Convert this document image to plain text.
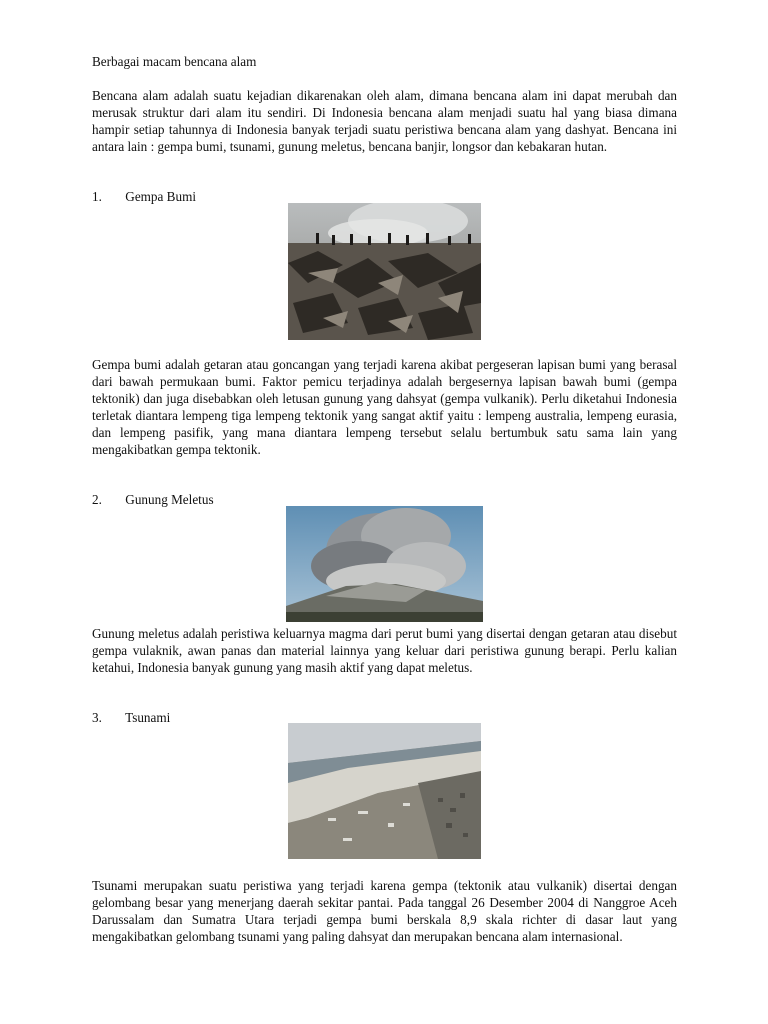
Berbagai macam bencana alam
Bencana alam adalah suatu kejadian dikarenakan oleh alam, dimana bencana alam ini dapat merubah dan merusak struktur dari alam itu sendiri. Di Indonesia bencana alam menjadi suatu hal yang biasa dimana hampir setiap tahunnya di Indonesia banyak terjadi suatu peristiwa bencana alam yang dashyat. Bencana ini antara lain : gempa bumi, tsunami, gunung meletus, bencana banjir, longsor dan kebakaran hutan.
1. Gempa Bumi
Gempa bumi adalah getaran atau goncangan yang terjadi karena akibat pergeseran lapisan bumi yang berasal dari bawah permukaan bumi. Faktor pemicu terjadinya adalah bergesernya lapisan bawah bumi (gempa tektonik) dan juga disebabkan oleh letusan gunung yang dahsyat (gempa vulkanik). Perlu diketahui Indonesia terletak diantara lempeng tiga lempeng tektonik yang sangat aktif yaitu : lempeng australia, lempeng eurasia, dan lempeng pasifik, yang mana diantara lempeng tersebut selalu bertumbuk satu sama lain yang mengakibatkan gempa tektonik.
2. Gunung Meletus
Gunung meletus adalah peristiwa keluarnya magma dari perut bumi yang disertai dengan getaran atau disebut gempa vulaknik, awan panas dan material lainnya yang keluar dari peristiwa gunung berapi. Perlu kalian ketahui, Indonesia banyak gunung yang masih aktif yang dapat meletus.
3. Tsunami
Tsunami merupakan suatu peristiwa yang terjadi karena gempa (tektonik atau vulkanik) disertai dengan gelombang besar yang menerjang daerah sekitar pantai. Pada tanggal 26 Desember 2004 di Nanggroe Aceh Darussalam dan Sumatra Utara terjadi gempa bumi berskala 8,9 skala richter di dasar laut yang mengakibatkan gelombang tsunami yang paling dahsyat dan merupakan bencana alam internasional.
